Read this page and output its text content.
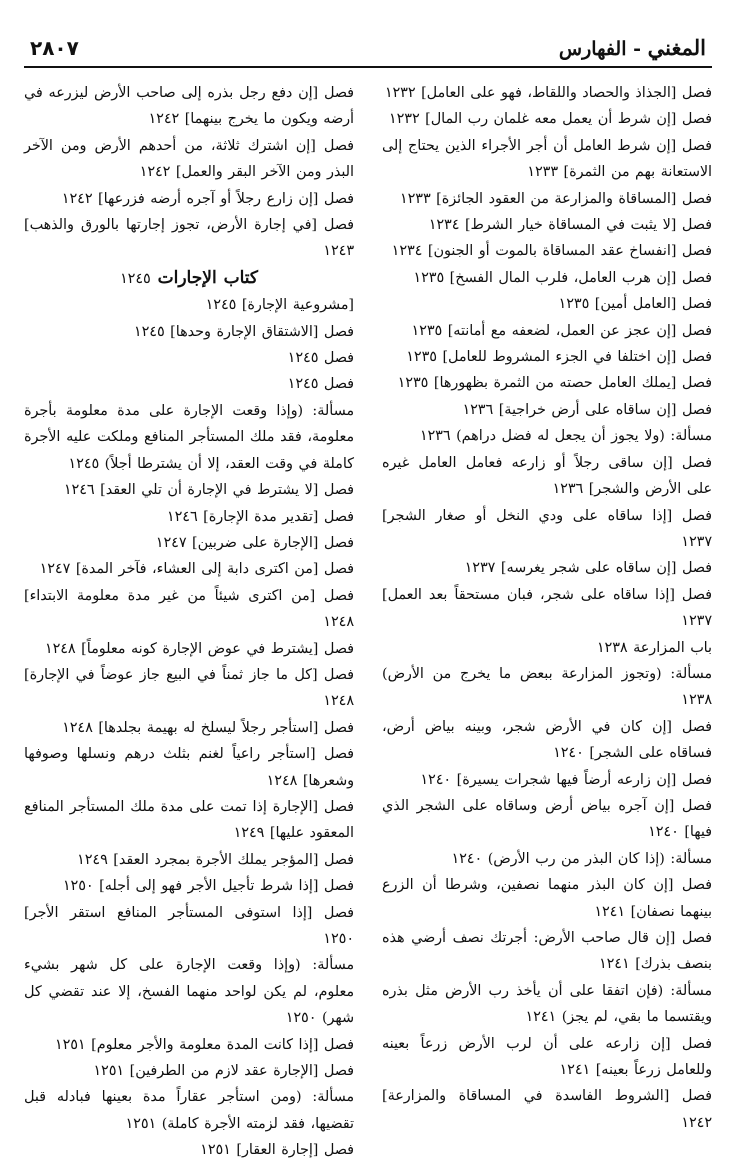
المغني - الفهارس
٢٨٠٧
فصل [الجذاذ والحصاد واللقاط، فهو على العامل] ١٢٣٢
فصل [إن شرط أن يعمل معه غلمان رب المال] ١٢٣٢
فصل [إن شرط العامل أن أجر الأجراء الذين يحتاج إلى الاستعانة بهم من الثمرة] ١٢٣٣
فصل [المساقاة والمزارعة من العقود الجائزة] ١٢٣٣
فصل [لا يثبت في المساقاة خيار الشرط] ١٢٣٤
فصل [انفساخ عقد المساقاة بالموت أو الجنون] ١٢٣٤
فصل [إن هرب العامل، فلرب المال الفسخ] ١٢٣٥
فصل [العامل أمين] ١٢٣٥
فصل [إن عجز عن العمل، لضعفه مع أمانته] ١٢٣٥
فصل [إن اختلفا في الجزء المشروط للعامل] ١٢٣٥
فصل [يملك العامل حصته من الثمرة بظهورها] ١٢٣٥
فصل [إن ساقاه على أرض خراجية] ١٢٣٦
مسألة: (ولا يجوز أن يجعل له فضل دراهم) ١٢٣٦
فصل [إن ساقى رجلاً أو زارعه فعامل العامل غيره على الأرض والشجر] ١٢٣٦
فصل [إذا ساقاه على ودي النخل أو صغار الشجر] ١٢٣٧
فصل [إن ساقاه على شجر يغرسه] ١٢٣٧
فصل [إذا ساقاه على شجر، فبان مستحقاً بعد العمل] ١٢٣٧
باب المزارعة ١٢٣٨
مسألة: (وتجوز المزارعة ببعض ما يخرج من الأرض) ١٢٣٨
فصل [إن كان في الأرض شجر، وبينه بياض أرض، فساقاه على الشجر] ١٢٤٠
فصل [إن زارعه أرضاً فيها شجرات يسيرة] ١٢٤٠
فصل [إن آجره بياض أرض وساقاه على الشجر الذي فيها] ١٢٤٠
مسألة: (إذا كان البذر من رب الأرض) ١٢٤٠
فصل [إن كان البذر منهما نصفين، وشرطا أن الزرع بينهما نصفان] ١٢٤١
فصل [إن قال صاحب الأرض: أجرتك نصف أرضي هذه بنصف بذرك] ١٢٤١
مسألة: (فإن اتفقا على أن يأخذ رب الأرض مثل بذره ويقتسما ما بقي، لم يجز) ١٢٤١
فصل [إن زارعه على أن لرب الأرض زرعاً بعينه وللعامل زرعاً بعينه] ١٢٤١
فصل [الشروط الفاسدة في المساقاة والمزارعة] ١٢٤٢
فصل [إن دفع رجل بذره إلى صاحب الأرض ليزرعه في أرضه ويكون ما يخرج بينهما] ١٢٤٢
فصل [إن اشترك ثلاثة، من أحدهم الأرض ومن الآخر البذر ومن الآخر البقر والعمل] ١٢٤٢
فصل [إن زارع رجلاً أو آجره أرضه فزرعها] ١٢٤٢
فصل [في إجارة الأرض، تجوز إجارتها بالورق والذهب] ١٢٤٣
كتاب الإجارات ١٢٤٥
[مشروعية الإجارة] ١٢٤٥
فصل [الاشتقاق الإجارة وحدها] ١٢٤٥
فصل ١٢٤٥
فصل ١٢٤٥
مسألة: (وإذا وقعت الإجارة على مدة معلومة بأجرة معلومة، فقد ملك المستأجر المنافع وملكت عليه الأجرة كاملة في وقت العقد، إلا أن يشترطا أجلاً) ١٢٤٥
فصل [لا يشترط في الإجارة أن تلي العقد] ١٢٤٦
فصل [تقدير مدة الإجارة] ١٢٤٦
فصل [الإجارة على ضربين] ١٢٤٧
فصل [من اكترى دابة إلى العشاء، فآخر المدة] ١٢٤٧
فصل [من اكترى شيئاً من غير مدة معلومة الابتداء] ١٢٤٨
فصل [يشترط في عوض الإجارة كونه معلوماً] ١٢٤٨
فصل [كل ما جاز ثمناً في البيع جاز عوضاً في الإجارة] ١٢٤٨
فصل [استأجر رجلاً ليسلخ له بهيمة بجلدها] ١٢٤٨
فصل [استأجر راعياً لغنم بثلث درهم ونسلها وصوفها وشعرها] ١٢٤٨
فصل [الإجارة إذا تمت على مدة ملك المستأجر المنافع المعقود عليها] ١٢٤٩
فصل [المؤجر يملك الأجرة بمجرد العقد] ١٢٤٩
فصل [إذا شرط تأجيل الأجر فهو إلى أجله] ١٢٥٠
فصل [إذا استوفى المستأجر المنافع استقر الأجر] ١٢٥٠
مسألة: (وإذا وقعت الإجارة على كل شهر بشيء معلوم، لم يكن لواحد منهما الفسخ، إلا عند تقضي كل شهر) ١٢٥٠
فصل [إذا كانت المدة معلومة والأجر معلوم] ١٢٥١
فصل [الإجارة عقد لازم من الطرفين] ١٢٥١
مسألة: (ومن استأجر عقاراً مدة بعينها فبادله قبل تقضيها، فقد لزمته الأجرة كاملة) ١٢٥١
فصل [إجارة العقار] ١٢٥١
